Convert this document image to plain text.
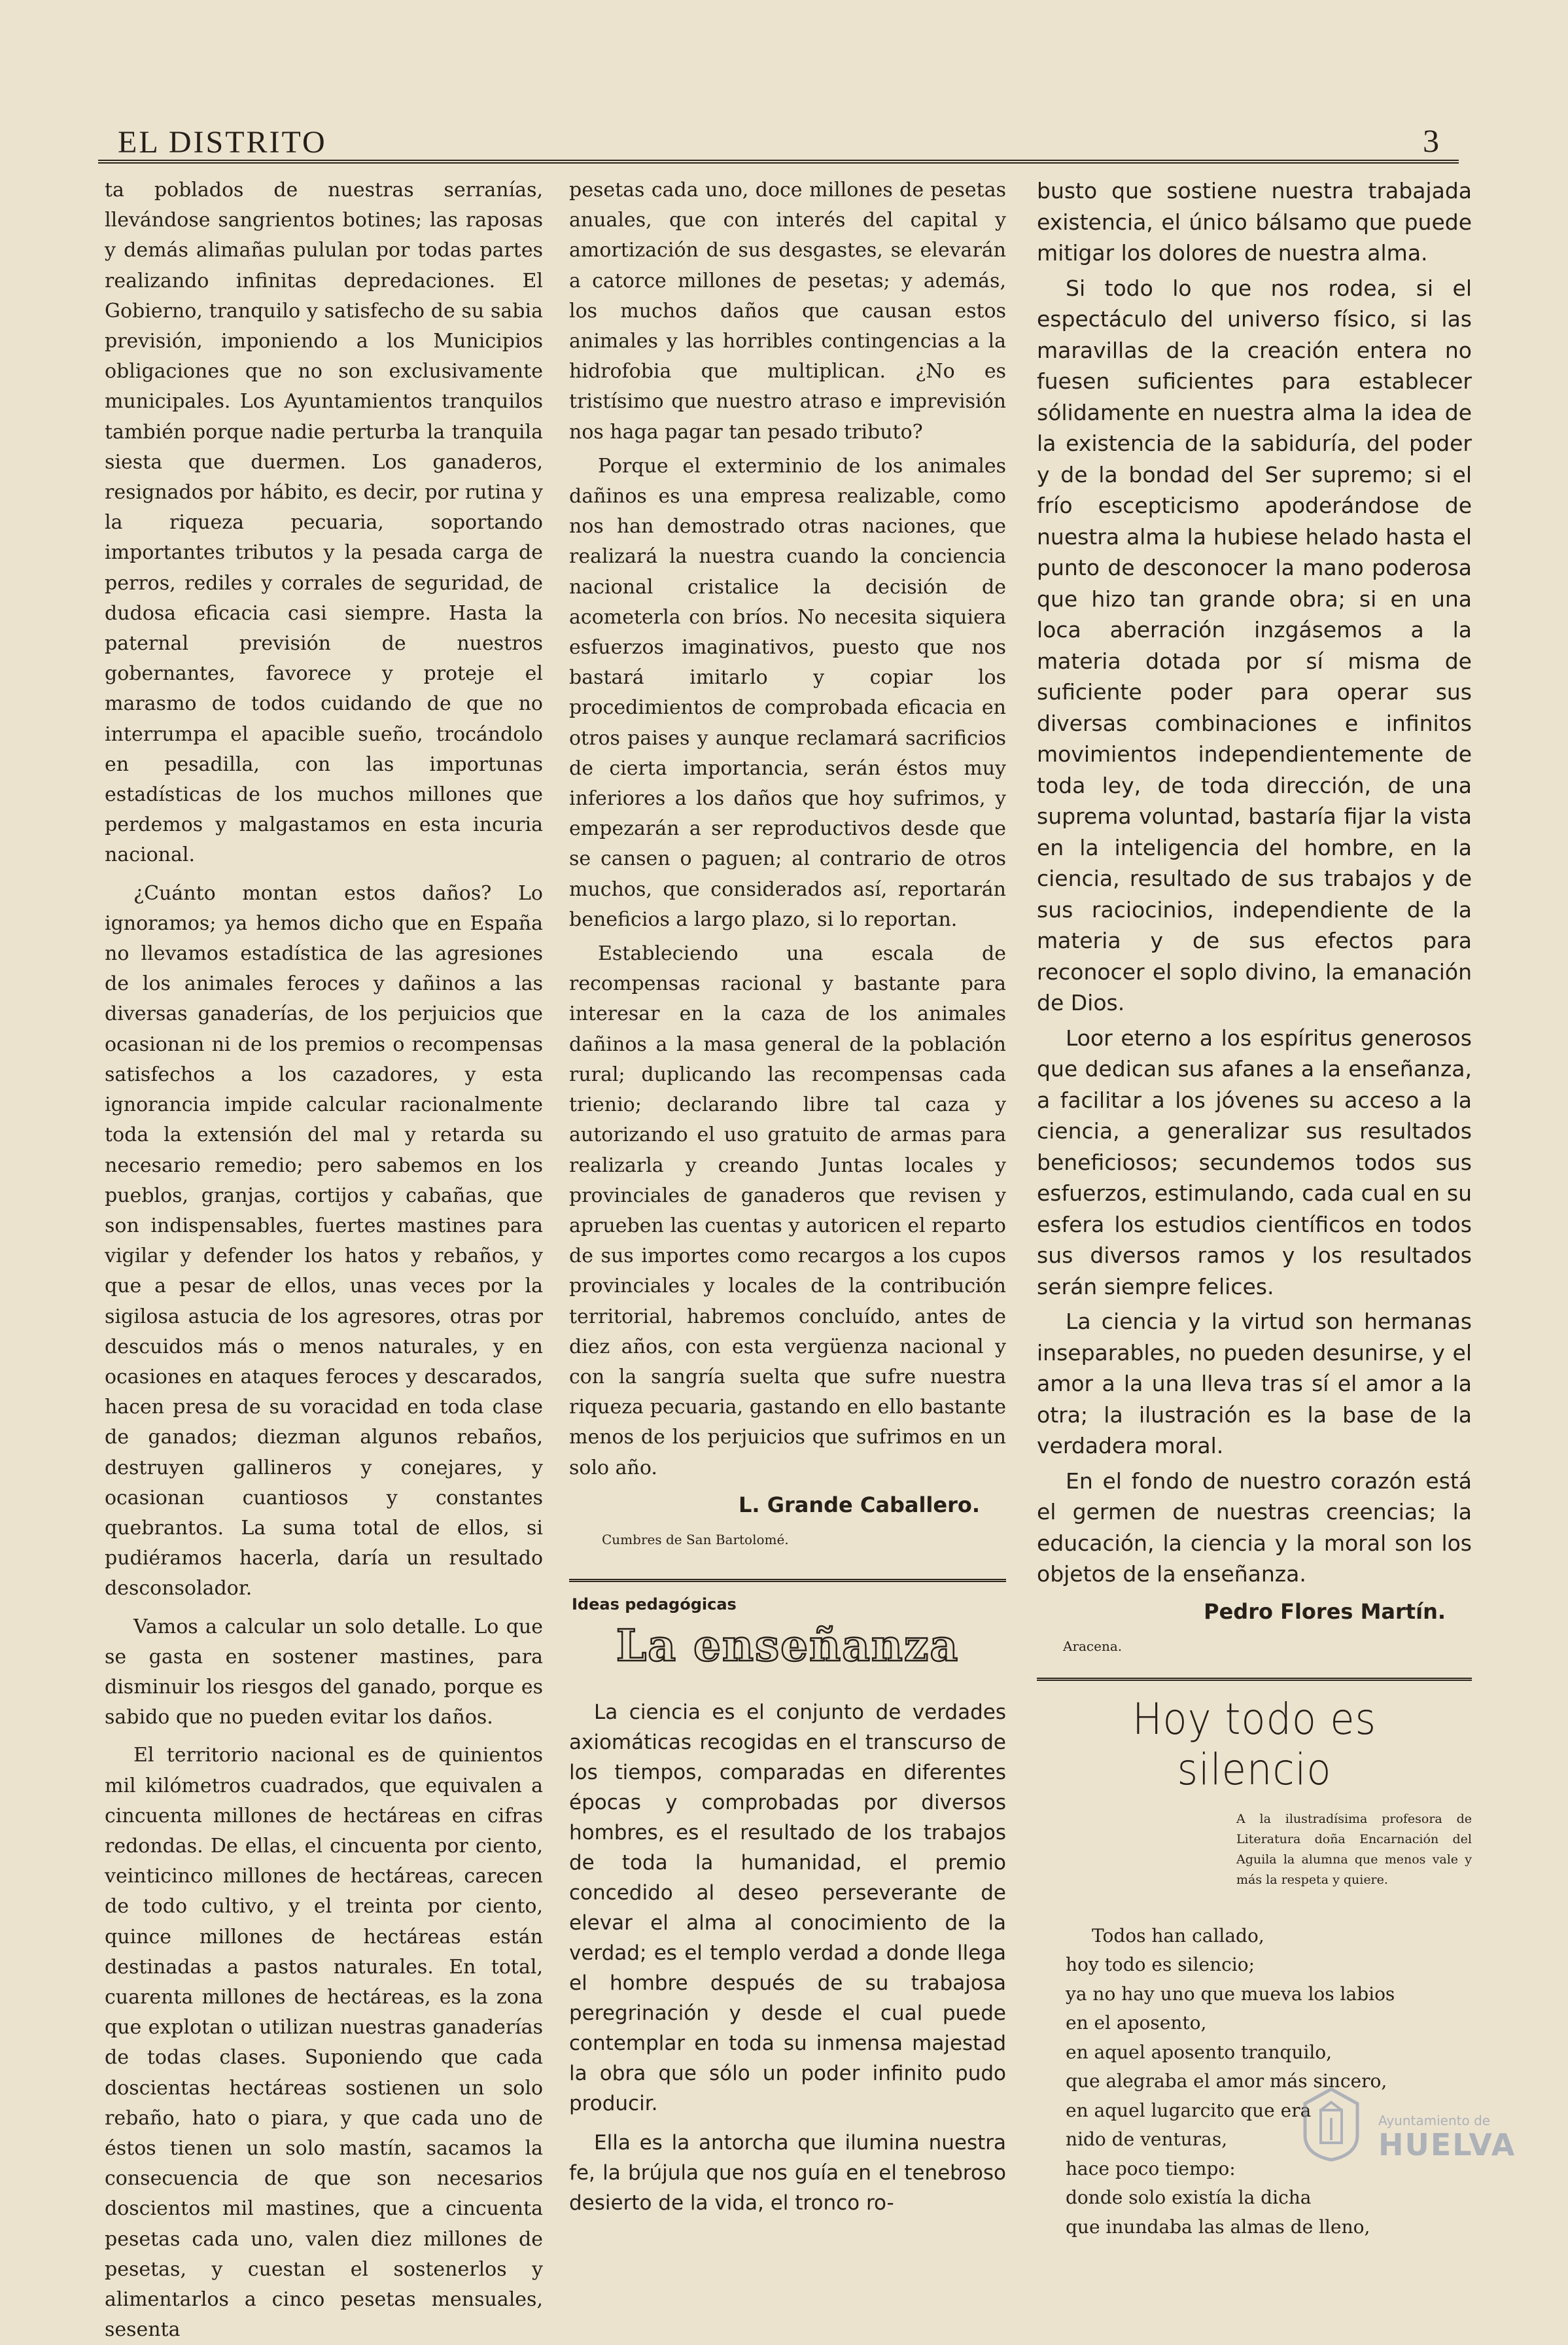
EL DISTRITO	3

ta poblados de nuestras serranías, llevándose sangrientos botines; las raposas y demás alimañas pululan por todas partes realizando infinitas depredaciones. El Gobierno, tranquilo y satisfecho de su sabia previsión, imponiendo a los Municipios obligaciones que no son exclusivamente municipales. Los Ayuntamientos tranquilos también porque nadie perturba la tranquila siesta que duermen. Los ganaderos, resignados por hábito, es decir, por rutina y la riqueza pecuaria, soportando importantes tributos y la pesada carga de perros, rediles y corrales de seguridad, de dudosa eficacia casi siempre. Hasta la paternal previsión de nuestros gobernantes, favorece y proteje el marasmo de todos cuidando de que no interrumpa el apacible sueño, trocándolo en pesadilla, con las importunas estadísticas de los muchos millones que perdemos y malgastamos en esta incuria nacional.

¿Cuánto montan estos daños? Lo ignoramos; ya hemos dicho que en España no llevamos estadística de las agresiones de los animales feroces y dañinos a las diversas ganaderías, de los perjuicios que ocasionan ni de los premios o recompensas satisfechos a los cazadores, y esta ignorancia impide calcular racionalmente toda la extensión del mal y retarda su necesario remedio; pero sabemos en los pueblos, granjas, cortijos y cabañas, que son indispensables, fuertes mastines para vigilar y defender los hatos y rebaños, y que a pesar de ellos, unas veces por la sigilosa astucia de los agresores, otras por descuidos más o menos naturales, y en ocasiones en ataques feroces y descarados, hacen presa de su voracidad en toda clase de ganados; diezman algunos rebaños, destruyen gallineros y conejares, y ocasionan cuantiosos y constantes quebrantos. La suma total de ellos, si pudiéramos hacerla, daría un resultado desconsolador.

Vamos a calcular un solo detalle. Lo que se gasta en sostener mastines, para disminuir los riesgos del ganado, porque es sabido que no pueden evitar los daños.

El territorio nacional es de quinientos mil kilómetros cuadrados, que equivalen a cincuenta millones de hectáreas en cifras redondas. De ellas, el cincuenta por ciento, veinticinco millones de hectáreas, carecen de todo cultivo, y el treinta por ciento, quince millones de hectáreas están destinadas a pastos naturales. En total, cuarenta millones de hectáreas, es la zona que explotan o utilizan nuestras ganaderías de todas clases. Suponiendo que cada doscientas hectáreas sostienen un solo rebaño, hato o piara, y que cada uno de éstos tienen un solo mastín, sacamos la consecuencia de que son necesarios doscientos mil mastines, que a cincuenta pesetas cada uno, valen diez millones de pesetas, y cuestan el sostenerlos y alimentarlos a cinco pesetas mensuales, sesenta

pesetas cada uno, doce millones de pesetas anuales, que con interés del capital y amortización de sus desgastes, se elevarán a catorce millones de pesetas; y además, los muchos daños que causan estos animales y las horribles contingencias a la hidrofobia que multiplican. ¿No es tristísimo que nuestro atraso e imprevisión nos haga pagar tan pesado tributo?

Porque el exterminio de los animales dañinos es una empresa realizable, como nos han demostrado otras naciones, que realizará la nuestra cuando la conciencia nacional cristalice la decisión de acometerla con bríos. No necesita siquiera esfuerzos imaginativos, puesto que nos bastará imitarlo y copiar los procedimientos de comprobada eficacia en otros paises y aunque reclamará sacrificios de cierta importancia, serán éstos muy inferiores a los daños que hoy sufrimos, y empezarán a ser reproductivos desde que se cansen o paguen; al contrario de otros muchos, que considerados así, reportarán beneficios a largo plazo, si lo reportan.

Estableciendo una escala de recompensas racional y bastante para interesar en la caza de los animales dañinos a la masa general de la población rural; duplicando las recompensas cada trienio; declarando libre tal caza y autorizando el uso gratuito de armas para realizarla y creando Juntas locales y provinciales de ganaderos que revisen y aprueben las cuentas y autoricen el reparto de sus importes como recargos a los cupos provinciales y locales de la contribución territorial, habremos concluído, antes de diez años, con esta vergüenza nacional y con la sangría suelta que sufre nuestra riqueza pecuaria, gastando en ello bastante menos de los perjuicios que sufrimos en un solo año.

L. Grande Caballero.
Cumbres de San Bartolomé.
Ideas pedagógicas
La enseñanza

La ciencia es el conjunto de verdades axiomáticas recogidas en el transcurso de los tiempos, comparadas en diferentes épocas y comprobadas por diversos hombres, es el resultado de los trabajos de toda la humanidad, el premio concedido al deseo perseverante de elevar el alma al conocimiento de la verdad; es el templo verdad a donde llega el hombre después de su trabajosa peregrinación y desde el cual puede contemplar en toda su inmensa majestad la obra que sólo un poder infinito pudo producir.

Ella es la antorcha que ilumina nuestra fe, la brújula que nos guía en el tenebroso desierto de la vida, el tronco ro-

busto que sostiene nuestra trabajada existencia, el único bálsamo que puede mitigar los dolores de nuestra alma.

Si todo lo que nos rodea, si el espectáculo del universo físico, si las maravillas de la creación entera no fuesen suficientes para establecer sólidamente en nuestra alma la idea de la existencia de la sabiduría, del poder y de la bondad del Ser supremo; si el frío escepticismo apoderándose de nuestra alma la hubiese helado hasta el punto de desconocer la mano poderosa que hizo tan grande obra; si en una loca aberración inzgásemos a la materia dotada por sí misma de suficiente poder para operar sus diversas combinaciones e infinitos movimientos independientemente de toda ley, de toda dirección, de una suprema voluntad, bastaría fijar la vista en la inteligencia del hombre, en la ciencia, resultado de sus trabajos y de sus raciocinios, independiente de la materia y de sus efectos para reconocer el soplo divino, la emanación de Dios.

Loor eterno a los espíritus generosos que dedican sus afanes a la enseñanza, a facilitar a los jóvenes su acceso a la ciencia, a generalizar sus resultados beneficiosos; secundemos todos sus esfuerzos, estimulando, cada cual en su esfera los estudios científicos en todos sus diversos ramos y los resultados serán siempre felices.

La ciencia y la virtud son hermanas inseparables, no pueden desunirse, y el amor a la una lleva tras sí el amor a la otra; la ilustración es la base de la verdadera moral.

En el fondo de nuestro corazón está el germen de nuestras creencias; la educación, la ciencia y la moral son los objetos de la enseñanza.

Pedro Flores Martín.
Aracena.
Hoy todo es silencio
A la ilustradísima profesora de Literatura doña Encarnación del Aguila la alumna que menos vale y más la respeta y quiere.
Todos han callado,
hoy todo es silencio;
ya no hay uno que mueva los labios
en el aposento,
en aquel aposento tranquilo,
que alegraba el amor más sincero,
en aquel lugarcito que era
nido de venturas,
hace poco tiempo:
donde solo existía la dicha
que inundaba las almas de lleno,
Ayuntamiento de
HUELVA
